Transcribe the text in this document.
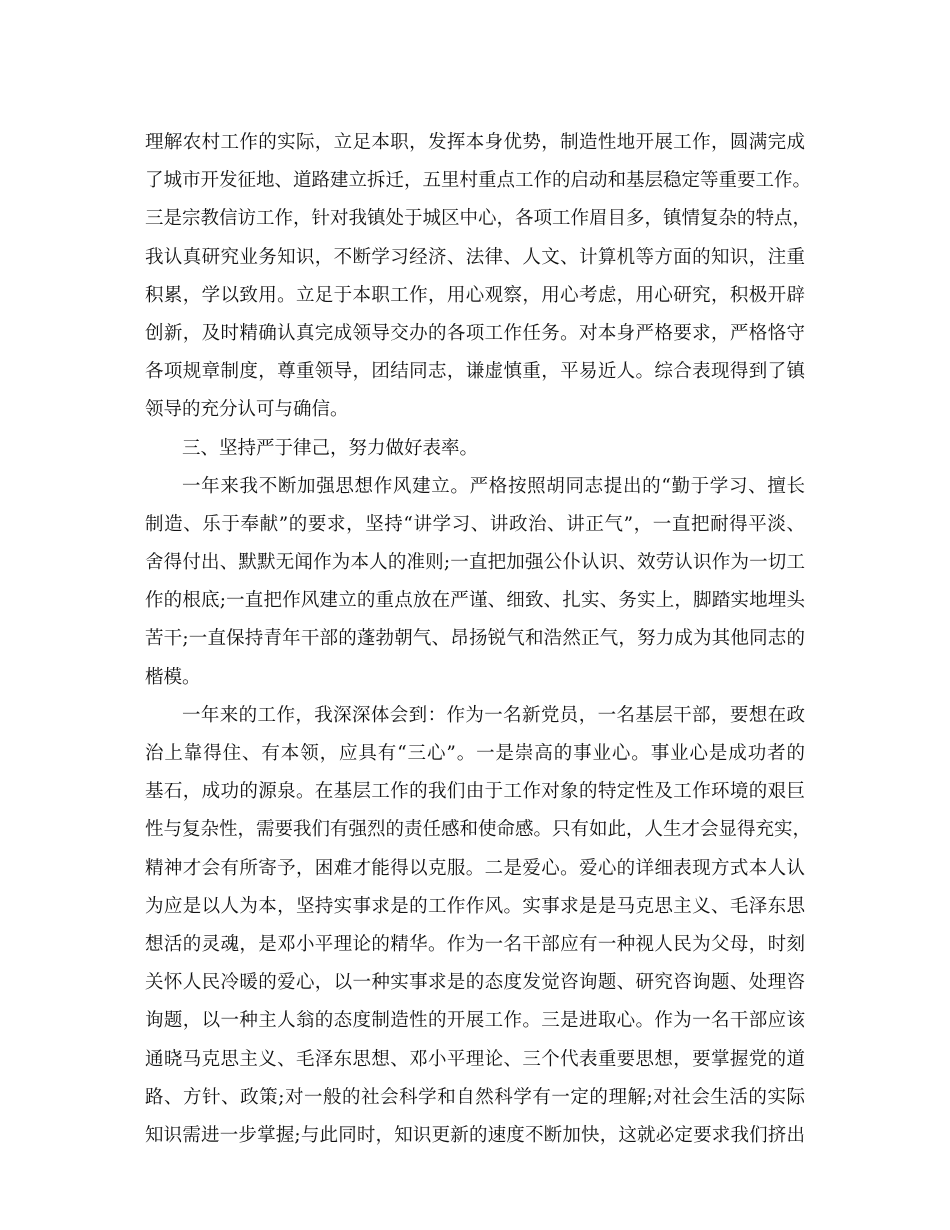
理解农村工作的实际，立足本职，发挥本身优势，制造性地开展工作，圆满完成
了城市开发征地、道路建立拆迁，五里村重点工作的启动和基层稳定等重要工作。
三是宗教信访工作，针对我镇处于城区中心，各项工作眉目多，镇情复杂的特点，
我认真研究业务知识，不断学习经济、法律、人文、计算机等方面的知识，注重
积累，学以致用。立足于本职工作，用心观察，用心考虑，用心研究，积极开辟
创新，及时精确认真完成领导交办的各项工作任务。对本身严格要求，严格恪守
各项规章制度，尊重领导，团结同志，谦虚慎重，平易近人。综合表现得到了镇
领导的充分认可与确信。
三、坚持严于律己，努力做好表率。
一年来我不断加强思想作风建立。严格按照胡同志提出的“勤于学习、擅长
制造、乐于奉献”的要求，坚持“讲学习、讲政治、讲正气”，一直把耐得平淡、
舍得付出、默默无闻作为本人的准则;一直把加强公仆认识、效劳认识作为一切工
作的根底;一直把作风建立的重点放在严谨、细致、扎实、务实上，脚踏实地埋头
苦干;一直保持青年干部的蓬勃朝气、昂扬锐气和浩然正气，努力成为其他同志的
楷模。
一年来的工作，我深深体会到：作为一名新党员，一名基层干部，要想在政
治上靠得住、有本领，应具有“三心”。一是崇高的事业心。事业心是成功者的
基石，成功的源泉。在基层工作的我们由于工作对象的特定性及工作环境的艰巨
性与复杂性，需要我们有强烈的责任感和使命感。只有如此，人生才会显得充实，
精神才会有所寄予，困难才能得以克服。二是爱心。爱心的详细表现方式本人认
为应是以人为本，坚持实事求是的工作作风。实事求是是马克思主义、毛泽东思
想活的灵魂，是邓小平理论的精华。作为一名干部应有一种视人民为父母，时刻
关怀人民冷暖的爱心，以一种实事求是的态度发觉咨询题、研究咨询题、处理咨
询题，以一种主人翁的态度制造性的开展工作。三是进取心。作为一名干部应该
通晓马克思主义、毛泽东思想、邓小平理论、三个代表重要思想，要掌握党的道
路、方针、政策;对一般的社会科学和自然科学有一定的理解;对社会生活的实际
知识需进一步掌握;与此同时，知识更新的速度不断加快，这就必定要求我们挤出
